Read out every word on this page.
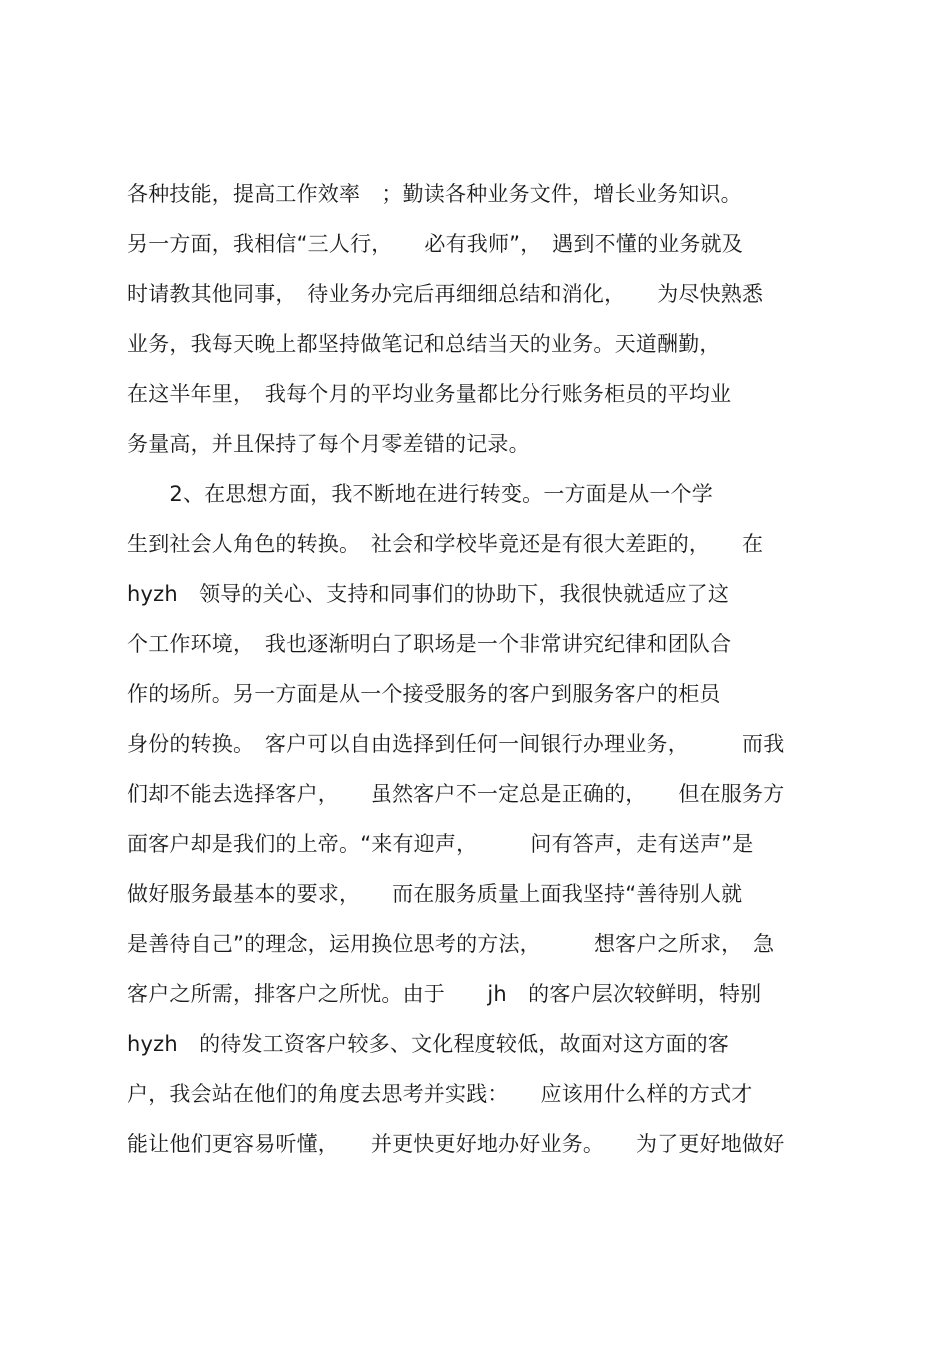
各种技能，提高工作效率　；勤读各种业务文件，增长业务知识。
另一方面，我相信“三人行，　　必有我师”，　遇到不懂的业务就及
时请教其他同事，　待业务办完后再细细总结和消化，　　为尽快熟悉
业务，我每天晚上都坚持做笔记和总结当天的业务。天道酬勤，
在这半年里，　我每个月的平均业务量都比分行账务柜员的平均业
务量高，并且保持了每个月零差错的记录。
　　2、在思想方面，我不断地在进行转变。一方面是从一个学
生到社会人角色的转换。　社会和学校毕竟还是有很大差距的，　　在
hyzh　领导的关心、支持和同事们的协助下，我很快就适应了这
个工作环境，　我也逐渐明白了职场是一个非常讲究纪律和团队合
作的场所。另一方面是从一个接受服务的客户到服务客户的柜员
身份的转换。　客户可以自由选择到任何一间银行办理业务，　　　而我
们却不能去选择客户，　　虽然客户不一定总是正确的，　　但在服务方
面客户却是我们的上帝。“来有迎声，　　　问有答声，走有送声”是
做好服务最基本的要求，　　而在服务质量上面我坚持“善待别人就
是善待自己”的理念，运用换位思考的方法，　　　想客户之所求，　急
客户之所需，排客户之所忧。由于　　jh　的客户层次较鲜明，特别
hyzh　的待发工资客户较多、文化程度较低，故面对这方面的客
户，我会站在他们的角度去思考并实践：　　应该用什么样的方式才
能让他们更容易听懂，　　并更快更好地办好业务。　　为了更好地做好
